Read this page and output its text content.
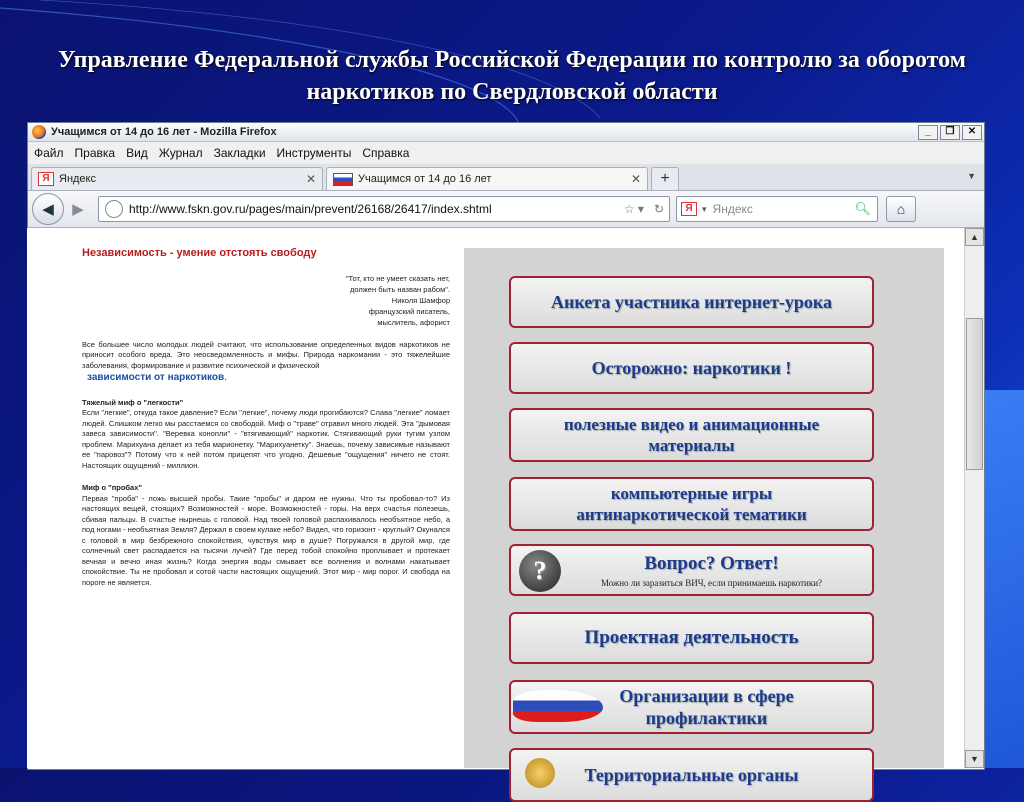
Управление Федеральной службы Российской Федерации по контролю за оборотом наркотиков по Свердловской области
Учащимся от 14 до 16 лет - Mozilla Firefox	_	❐	✕
Файл Правка Вид Журнал Закладки Инструменты Справка
Я Яндекс	✕	Учащимся от 14 до 16 лет	✕	+	▼
◀	▶	http://www.fskn.gov.ru/pages/main/prevent/26168/26417/index.shtml	☆ ▾ ↻	Я	▾ Яндекс	🔍︎	⌂
Независимость - умение отстоять свободу
"Тот, кто не умеет сказать нет,
должен быть назван рабом".
Николя Шамфор
французский писатель,
мыслитель, афорист
Все большее число молодых людей считают, что использование определенных видов наркотиков не приносит особого вреда. Это неосведомленность и мифы. Природа наркомании - это тяжелейшие заболевания, формирование и развитие психической и физической
зависимости от наркотиков.
Тяжелый миф о "легкости"
Если "легкие", откуда такое давление? Если "легкие", почему люди прогибаются? Слава "легкие" ломает людей. Слишком легко мы расстаемся со свободой. Миф о "траве" отравил много людей. Эта "дымовая завеса зависимости". "Веревка конопли" - "втягивающий" наркотик. Стягивающий руки тугим узлом проблем. Марихуана делает из тебя марионетку. "Марихуанетку". Знаешь, почему зависимые называют ее "паровоз"? Потому что к ней потом прицепят что угодно. Дешевые "ощущения" ничего не стоят. Настоящих ощущений - миллион.
Миф о "пробах"
Первая "проба" - ложь высшей пробы. Такие "пробы" и даром не нужны. Что ты пробовал-то? Из настоящих вещей, стоящих? Возможностей - море. Возможностей - горы. На верх счастья полезешь, сбивая пальцы. В счастье нырнешь с головой. Над твоей головой распахивалось необъятное небо, а под ногами - необъятная Земля? Держал в своем кулаке небо? Видел, что горизонт - круглый? Окунался с головой в мир безбрежного спокойствия, чувствуя мир в душе? Погружался в другой мир, где солнечный свет распадается на тысячи лучей? Где перед тобой спокойно проплывает и протекает вечная и вечно иная жизнь? Когда энергия воды смывает все волнения и волнами накатывает спокойствие. Ты не пробовал и сотой части настоящих ощущений. Этот мир - мир порог. И свобода на пороге не является.
Анкета участника интернет-урока
Осторожно: наркотики !
полезные видео и анимационные материалы
компьютерные игры антинаркотической тематики
?	Вопрос? Ответ!
Можно ли заразиться ВИЧ, если принимаешь наркотики?
Проектная деятельность
Организации в сфере профилактики
Территориальные органы
▲
▼
